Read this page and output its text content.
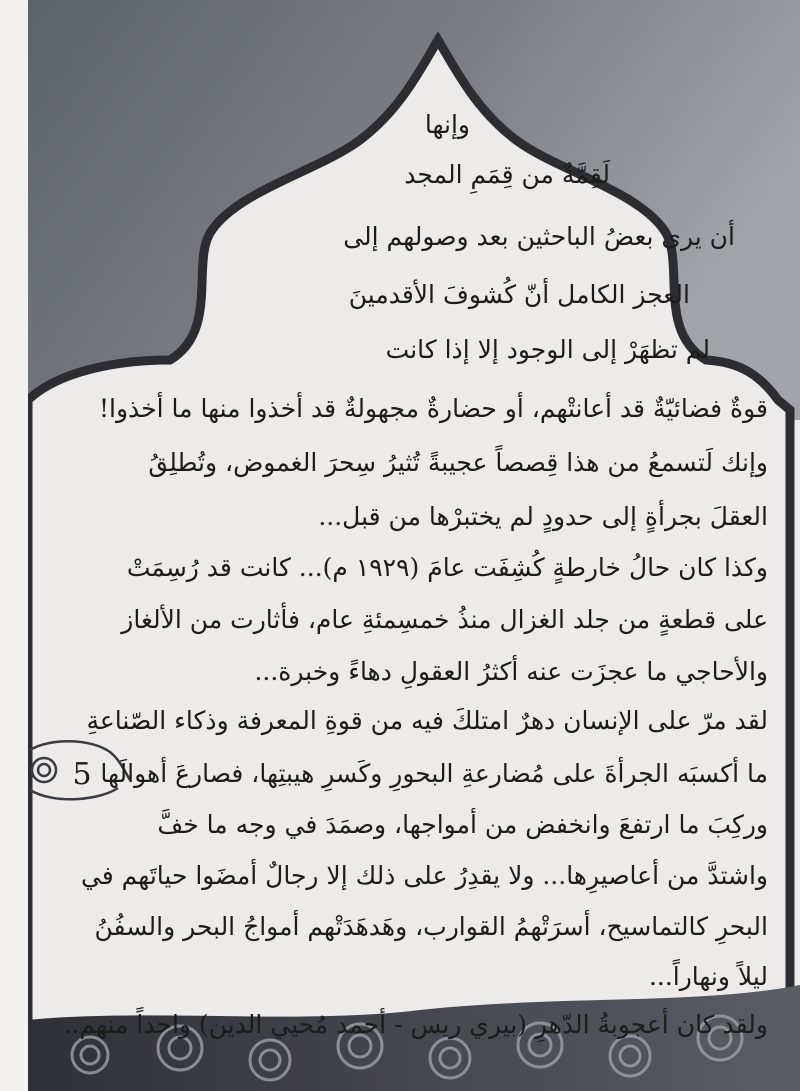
5
وإنها
لَقِمَّةٌ من قِمَمِ المجد
أن يرى بعضُ الباحثين بعد وصولهم إلى
العجز الكامل أنّ كُشوفَ الأقدمينَ
لم تظهَرْ إلى الوجود إلا إذا كانت
قوةٌ فضائيّةٌ قد أعانتْهم، أو حضارةٌ مجهولةٌ قد أخذوا منها ما أخذوا!
وإنك لَتسمعُ من هذا قِصصاً عجيبةً تُثيرُ سِحرَ الغموض، وتُطلِقُ
العقلَ بجرأةٍ إلى حدودٍ لم يختبرْها من قبل...
وكذا كان حالُ خارطةٍ كُشِفَت عامَ (١٩٢٩ م)... كانت قد رُسِمَتْ
على قطعةٍ من جلد الغزال منذُ خمسِمئةِ عام، فأثارت من الألغاز
والأحاجي ما عجزَت عنه أكثرُ العقولِ دهاءً وخبرة...
لقد مرّ على الإنسان دهرٌ امتلكَ فيه من قوةِ المعرفة وذكاء الصّناعةِ
ما أكسبَه الجرأةَ على مُضارعةِ البحورِ وكَسرِ هيبتِها، فصارعَ أهوالَها
وركِبَ ما ارتفعَ وانخفض من أمواجها، وصمَدَ في وجه ما خفَّ
واشتدَّ من أعاصيرِها... ولا يقدِرُ على ذلك إلا رجالٌ أمضَوا حياتَهم في
البحرِ كالتماسيح، أسرَتْهمُ القوارب، وهَدهَدَتْهم أمواجُ البحر والسفُنُ
ليلاً ونهاراً...
ولقد كان أعجوبةُ الدّهرِ (بيري ريس - أحمد مُحيي الدين) واحداً منهم..
